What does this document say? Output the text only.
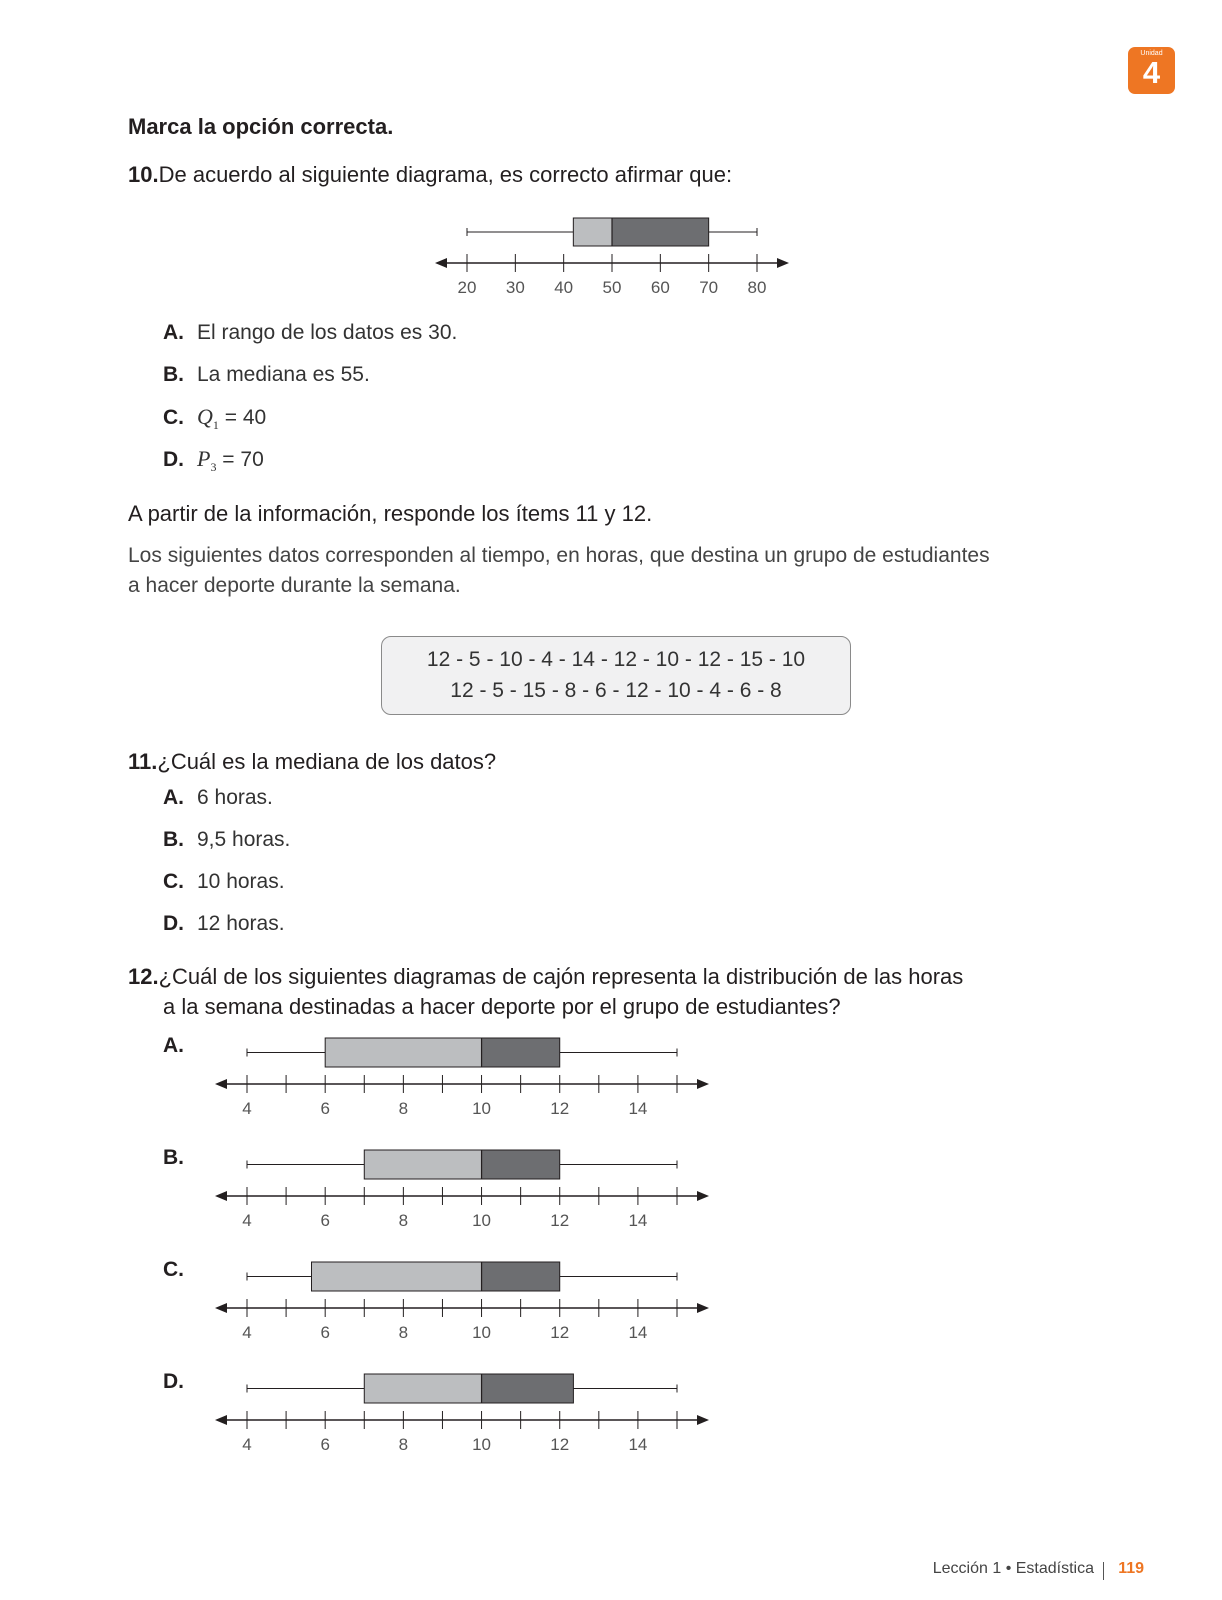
Unidad
4
Marca la opción correcta.
10.De acuerdo al siguiente diagrama, es correcto afirmar que:
20 30 40 50 60 70 80
A. El rango de los datos es 30.
B. La mediana es 55.
C. $Q_1 = 40$
D. $P_3 = 70$
A partir de la información, responde los ítems 11 y 12.
Los siguientes datos corresponden al tiempo, en horas, que destina un grupo de estudiantes
a hacer deporte durante la semana.
12 - 5 - 10 - 4 - 14 - 12 - 10 - 12 - 15 - 10
12 - 5 - 15 - 8 - 6 - 12 - 10 - 4 - 6 - 8
11.¿Cuál es la mediana de los datos?
A. 6 horas.
B. 9,5 horas.
C. 10 horas.
D. 12 horas.
12.¿Cuál de los siguientes diagramas de cajón representa la distribución de las horas
a la semana destinadas a hacer deporte por el grupo de estudiantes?
A.
B.
C.
D.
4	6	8	10	12	14
4	6	8	10	12	14
4	6	8	10	12	14
4	6	8	10	12	14
Lección 1 • Estadística 119
